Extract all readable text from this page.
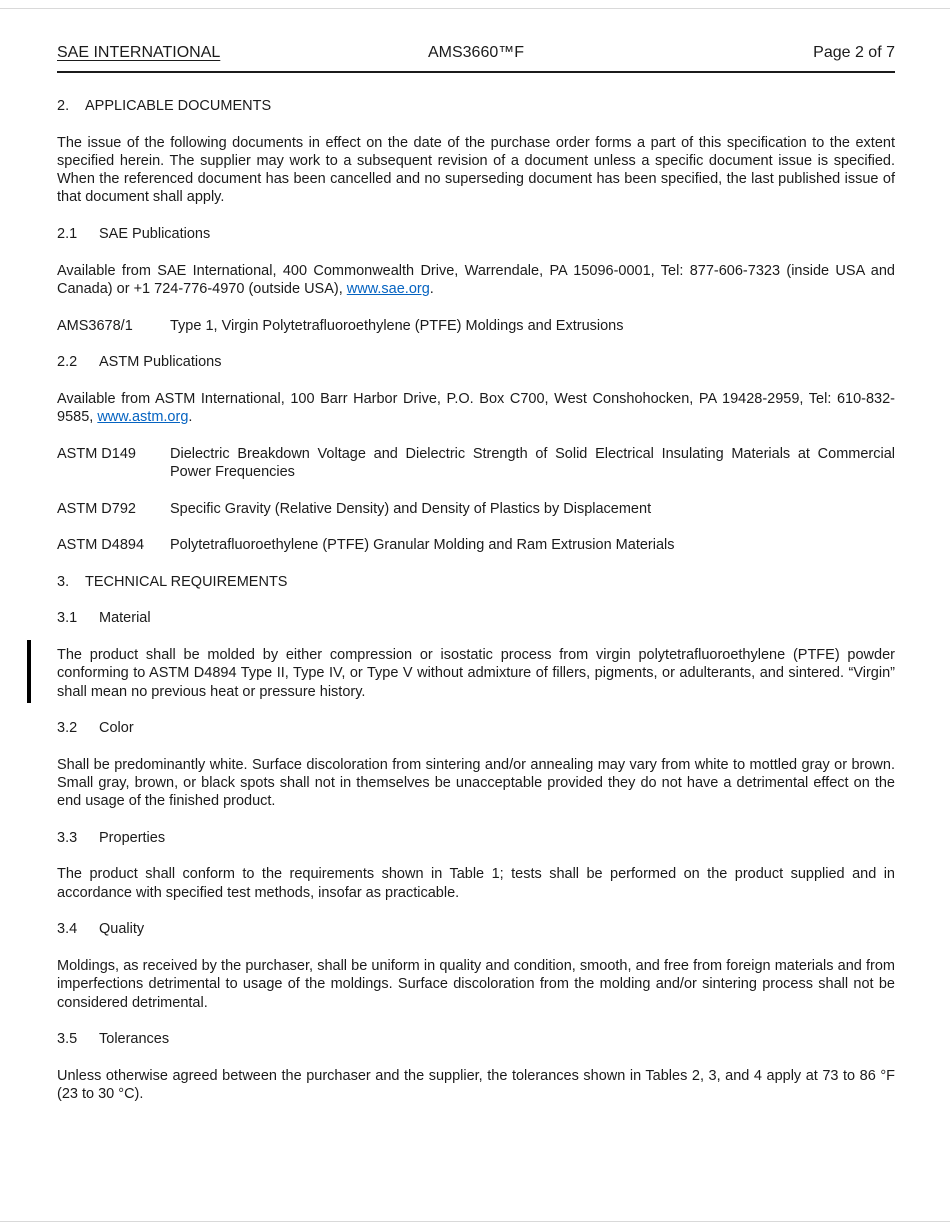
SAE INTERNATIONAL	AMS3660™F	Page 2 of 7
2. APPLICABLE DOCUMENTS

The issue of the following documents in effect on the date of the purchase order forms a part of this specification to the extent specified herein. The supplier may work to a subsequent revision of a document unless a specific document issue is specified. When the referenced document has been cancelled and no superseding document has been specified, the last published issue of that document shall apply.

2.1 SAE Publications

Available from SAE International, 400 Commonwealth Drive, Warrendale, PA 15096-0001, Tel: 877-606-7323 (inside USA and Canada) or +1 724-776-4970 (outside USA), www.sae.org.

AMS3678/1	Type 1, Virgin Polytetrafluoroethylene (PTFE) Moldings and Extrusions
2.2 ASTM Publications

Available from ASTM International, 100 Barr Harbor Drive, P.O. Box C700, West Conshohocken, PA 19428-2959, Tel: 610-832-9585, www.astm.org.

ASTM D149	Dielectric Breakdown Voltage and Dielectric Strength of Solid Electrical Insulating Materials at Commercial Power Frequencies
ASTM D792	Specific Gravity (Relative Density) and Density of Plastics by Displacement
ASTM D4894	Polytetrafluoroethylene (PTFE) Granular Molding and Ram Extrusion Materials
3. TECHNICAL REQUIREMENTS
3.1 Material

The product shall be molded by either compression or isostatic process from virgin polytetrafluoroethylene (PTFE) powder conforming to ASTM D4894 Type II, Type IV, or Type V without admixture of fillers, pigments, or adulterants, and sintered. “Virgin” shall mean no previous heat or pressure history.

3.2 Color

Shall be predominantly white. Surface discoloration from sintering and/or annealing may vary from white to mottled gray or brown. Small gray, brown, or black spots shall not in themselves be unacceptable provided they do not have a detrimental effect on the end usage of the finished product.

3.3 Properties

The product shall conform to the requirements shown in Table 1; tests shall be performed on the product supplied and in accordance with specified test methods, insofar as practicable.

3.4 Quality

Moldings, as received by the purchaser, shall be uniform in quality and condition, smooth, and free from foreign materials and from imperfections detrimental to usage of the moldings. Surface discoloration from the molding and/or sintering process shall not be considered detrimental.

3.5 Tolerances

Unless otherwise agreed between the purchaser and the supplier, the tolerances shown in Tables 2, 3, and 4 apply at 73 to 86 °F (23 to 30 °C).
